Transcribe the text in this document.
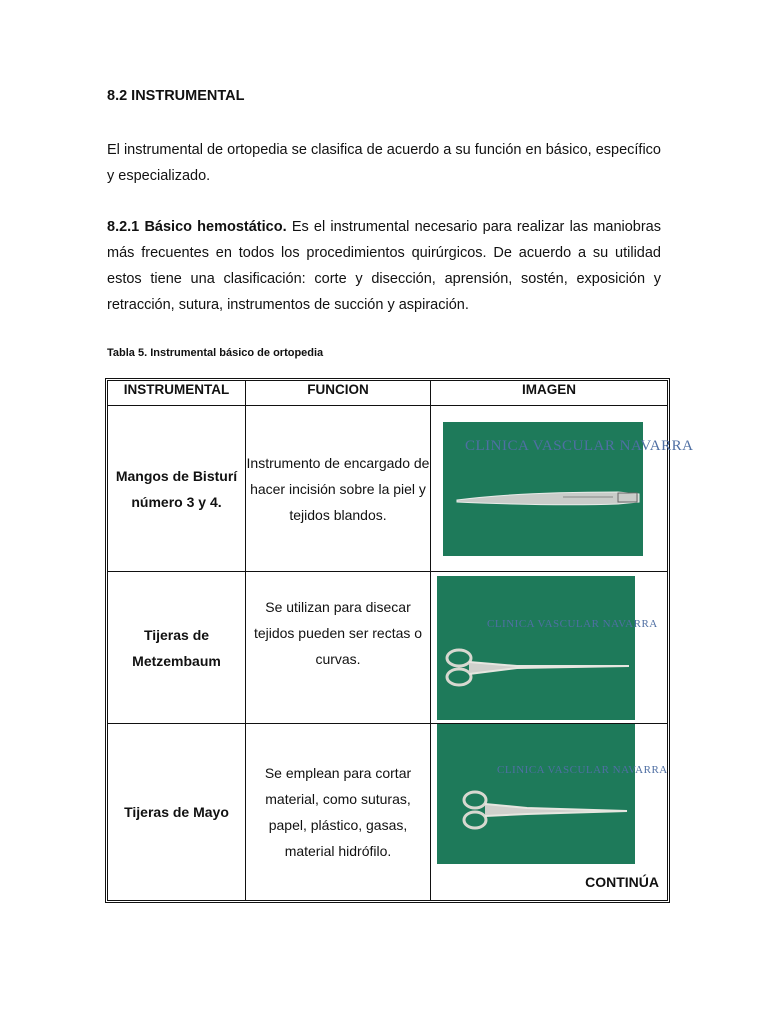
8.2 INSTRUMENTAL
El instrumental de ortopedia se clasifica de acuerdo a su función en básico, específico y especializado.
8.2.1 Básico hemostático. Es el instrumental necesario para realizar las maniobras más frecuentes en todos los procedimientos quirúrgicos. De acuerdo a su utilidad estos tiene una clasificación: corte y disección, aprensión, sostén, exposición y retracción, sutura, instrumentos de succión y aspiración.
Tabla 5. Instrumental básico de ortopedia
INSTRUMENTAL	FUNCION	IMAGEN
Mangos de Bisturí número 3 y 4.	Instrumento de encargado de hacer incisión sobre la piel y tejidos blandos.	CLINICA VASCULAR NAVARRA

Tijeras de Metzembaum	Se utilizan para disecar tejidos pueden ser rectas o curvas.	CLINICA VASCULAR NAVARRA

Tijeras de Mayo	Se emplean para cortar material, como suturas, papel, plástico, gasas, material hidrófilo.	CLINICA VASCULAR NAVARRA
CONTINÚA
